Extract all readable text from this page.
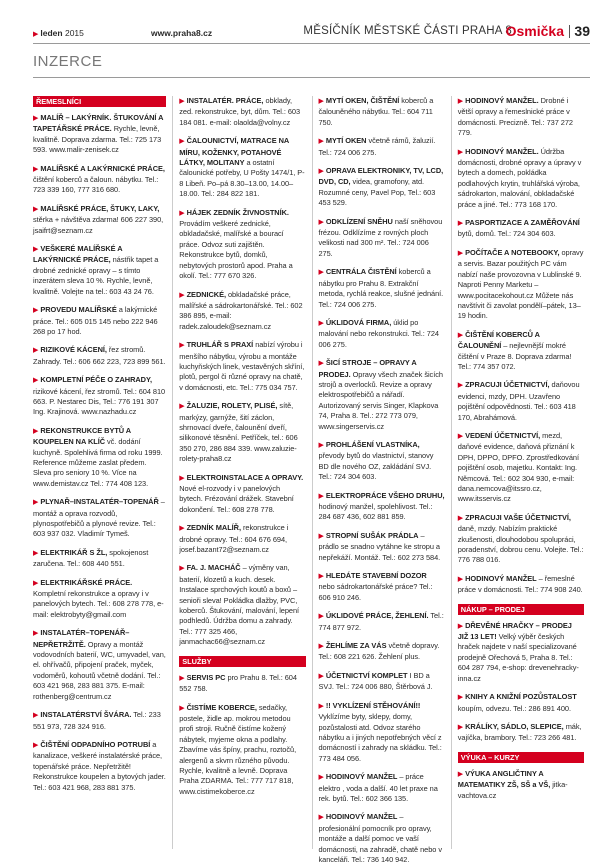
▶ leden 2015	www.praha8.cz	MĚSÍČNÍK MĚSTSKÉ ČÁSTI PRAHA 8
Osmička 39
INZERCE
ŘEMESLNÍCI
▶ MALÍŘ – LAKÝRNÍK. ŠTUKOVÁNÍ A TAPETÁŘSKÉ PRÁCE. Rychle, levně, kvalitně. Doprava zdarma. Tel.: 725 173 593. www.malir-zenisek.cz
▶ MALÍŘSKÉ A LAKÝRNICKÉ PRÁCE, čištění koberců a čaloun. nábytku. Tel.: 723 339 160, 777 316 680.
▶ MALÍŘSKÉ PRÁCE, ŠTUKY, LAKY, stěrka + návštěva zdarma! 606 227 390, jsaifrt@seznam.cz
▶ VEŠKERÉ MALÍŘSKÉ A LAKÝRNICKÉ PRÁCE, nástřik tapet a drobné zednické opravy – s tímto inzerátem sleva 10 %. Rychle, levně, kvalitně. Volejte na tel.: 603 43 24 76.
▶ PROVEDU MALÍŘSKÉ a lakýrnické práce. Tel.: 605 015 145 nebo 222 946 268 po 17 hod.
▶ RIZIKOVÉ KÁCENÍ, řez stromů. Zahrady. Tel.: 606 662 223, 723 899 561.
▶ KOMPLETNÍ PÉČE O ZAHRADY, rizikové kácení, řez stromů. Tel.: 604 810 663. P. Nestarec Dis, Tel.: 776 191 307 Ing. Krajinová. www.nazhadu.cz
▶ REKONSTRUKCE BYTŮ A KOUPELEN NA KLÍČ vč. dodání kuchyně. Spolehlivá firma od roku 1999. Reference můžeme zaslat předem. Sleva pro seniory 10 %. Více na www.demistav.cz Tel.: 774 408 123.
▶ PLYNAŘ–INSTALATÉR–TOPENÁŘ – montáž a oprava rozvodů, plynospotřebičů a plynové revize. Tel.: 603 937 032. Vladimír Tymeš.
▶ ELEKTRIKÁŘ S ŽL, spokojenost zaručena. Tel.: 608 440 551.
▶ ELEKTRIKÁŘSKÉ PRÁCE. Kompletní rekonstrukce a opravy i v panelových bytech. Tel.: 608 278 778, e-mail: elektrobyty@gmail.com
▶ INSTALATÉR–TOPENÁŘ–NEPŘETRŽITĚ. Opravy a montáž vodovodních baterií, WC, umyvadel, van, el. ohřívačů, připojení praček, myček, vodoměrů, kohoutů včetně dodání. Tel.: 603 421 968, 283 881 375. E-mail: rothenberg@centrum.cz
▶ INSTALATÉRSTVÍ ŠVÁRA. Tel.: 233 551 973, 728 324 916.
▶ ČIŠTĚNÍ ODPADNÍHO POTRUBÍ a kanalizace, veškeré instalatérské práce, topenářské práce. Nepřetržitě! Rekonstrukce koupelen a bytových jader. Tel.: 603 421 968, 283 881 375.
▶ INSTALATÉR. PRÁCE, obklady, zed. rekonstrukce, byt, dům. Tel.: 603 184 081. e-mail: olaolda@volny.cz
▶ ČALOUNICTVÍ, MATRACE NA MÍRU, KOŽENKY, POTAHOVÉ LÁTKY, MOLITANY a ostatní čalounické potřeby, U Pošty 1474/1, P-8 Libeň. Po–pá 8.30–13.00, 14.00–18.00. Tel.: 284 822 181.
▶ HÁJEK ZEDNÍK ŽIVNOSTNÍK. Provádím veškeré zednické, obkladačské, malířské a bourací práce. Odvoz suti zajištěn. Rekonstrukce bytů, domků, nebytových prostorů apod. Praha a okolí. Tel.: 777 670 326.
▶ ZEDNICKÉ, obkladačské práce, malířské a sádrokartonářské. Tel.: 602 386 895, e-mail: radek.zaloudek@seznam.cz
▶ TRUHLÁŘ S PRAXÍ nabízí výrobu i menšího nábytku, výrobu a montáže kuchyňských linek, vestavěných skříní, plotů, pergol či různé opravy na chatě, v domácnosti, etc. Tel.: 775 034 757.
▶ ŽALUZIE, ROLETY, PLISÉ, sítě, markýzy, garnýže, šití záclon, shrnovací dveře, čalounění dveří, silikonové těsnění. Petříček, tel.: 606 350 270, 286 884 339. www.zaluzie-rolety-praha8.cz
▶ ELEKTROINSTALACE A OPRAVY. Nové el-rozvody i v panelových bytech. Frézování drážek. Stavební dokončení. Tel.: 608 278 778.
▶ ZEDNÍK MALÍŘ, rekonstrukce i drobné opravy. Tel.: 604 676 694, josef.bazant72@seznam.cz
▶ FA. J. MACHÁČ – výměny van, baterií, klozetů a kuch. desek. Instalace sprchových koutů a boxů – senioři sleva! Pokládka dlažby, PVC, koberců. Štukování, malování, lepení podhledů. Údržba domu a zahrady. Tel.: 777 325 466, janmachac66@seznam.cz
SLUŽBY
▶ SERVIS PC pro Prahu 8. Tel.: 604 552 758.
▶ ČISTÍME KOBERCE, sedačky, postele, židle ap. mokrou metodou profi stroji. Ručně čistíme kožený nábytek, myjeme okna a podlahy. Zbavíme vás špíny, prachu, roztočů, alergenů a skvrn různého původu. Rychle, kvalitně a levně. Doprava Praha ZDARMA. Tel.: 777 717 818, www.cistimekoberce.cz
▶ MYTÍ OKEN, ČIŠTĚNÍ koberců a čalouněného nábytku. Tel.: 604 711 750.
▶ MYTÍ OKEN včetně rámů, žaluzií. Tel.: 724 006 275.
▶ OPRAVA ELEKTRONIKY, TV, LCD, DVD, CD, videa, gramofony, atd. Rozumné ceny, Pavel Pop, Tel.: 603 453 529.
▶ ODKLÍZENÍ SNĚHU naší sněhovou frézou. Odklízíme z rovných ploch velikosti nad 300 m². Tel.: 724 006 275.
▶ CENTRÁLA ČISTĚNÍ koberců a nábytku pro Prahu 8. Extrakční metoda, rychlá reakce, slušné jednání. Tel.: 724 006 275.
▶ ÚKLIDOVÁ FIRMA, úklid po malování nebo rekonstrukci. Tel.: 724 006 275.
▶ ŠICÍ STROJE – OPRAVY A PRODEJ. Opravy všech značek šicích strojů a overlocků. Revize a opravy elektrospotřebičů a nářadí. Autorizovaný servis Singer, Klapkova 74, Praha 8. Tel.: 272 773 079, www.singerservis.cz
▶ PROHLÁŠENÍ VLASTNÍKA, převody bytů do vlastnictví, stanovy BD dle nového OZ, zakládání SVJ. Tel.: 724 304 603.
▶ ELEKTROPRÁCE VŠEHO DRUHU, hodinový manžel, spolehlivost. Tel.: 284 687 436, 602 881 859.
▶ STROPNÍ SUŠÁK PRÁDLA – prádlo se snadno vytáhne ke stropu a nepřekáží. Montáž. Tel.: 602 273 584.
▶ HLEDÁTE STAVEBNÍ DOZOR nebo sádrokartonářské práce? Tel.: 606 910 246.
▶ ÚKLIDOVÉ PRÁCE, ŽEHLENÍ. Tel.: 774 877 972.
▶ ŽEHLÍME ZA VÁS včetně dopravy. Tel.: 608 221 626. Žehlení plus.
▶ ÚČETNICTVÍ KOMPLET I BD a SVJ. Tel.: 724 006 880, Štěrbová J.
▶ !! VYKLÍZENÍ STĚHOVÁNÍ!! Vyklízíme byty, sklepy, domy, pozůstalosti atd. Odvoz starého nábytku a i jiných nepotřebných věcí z domácností i zahrady na skládku. Tel.: 773 484 056.
▶ HODINOVÝ MANŽEL – práce elektro , voda a další. 40 let praxe na rek. bytů. Tel.: 602 366 135.
▶ HODINOVÝ MANŽEL – profesionální pomocník pro opravy, montáže a další pomoc ve vaší domácnosti, na zahradě, chatě nebo v kanceláři. Tel.: 736 140 942.
▶ HODINOVÝ MANŽEL. Drobné i větší opravy a řemeslnické práce v domácnosti. Precizně. Tel.: 737 272 779.
▶ HODINOVÝ MANŽEL. Údržba domácnosti, drobné opravy a úpravy v bytech a domech, pokládka podlahových krytin, truhlářská výroba, sádrokarton, malování, obkladačské práce a jiné. Tel.: 773 168 170.
▶ PASPORTIZACE A ZAMĚŘOVÁNÍ bytů, domů. Tel.: 724 304 603.
▶ POČÍTAČE A NOTEBOOKY, opravy a servis. Bazar použitých PC vám nabízí naše provozovna v Lublinské 9. Naproti Penny Marketu – www.pocitacekohout.cz Můžete nás navštívit či zavolat pondělí–pátek, 13–19 hodin.
▶ ČIŠTĚNÍ KOBERCŮ A ČALOUNĚNÍ – nejlevnější mokré čištění v Praze 8. Doprava zdarma! Tel.: 774 357 072.
▶ ZPRACUJI ÚČETNICTVÍ, daňovou evidenci, mzdy, DPH. Uzavřeno pojištění odpovědnosti. Tel.: 603 418 170, Abrahámová.
▶ VEDENÍ ÚČETNICTVÍ, mezd, daňové evidence, daňová přiznání k DPH, DPPO, DPFO. Zprostředkování pojištění osob, majetku. Kontakt: Ing. Němcová. Tel.: 602 304 930, e-mail: dana.nemcova@itssro.cz, www.itsservis.cz
▶ ZPRACUJI VAŠE ÚČETNICTVÍ, daně, mzdy. Nabízím praktické zkušenosti, dlouhodobou spolupráci, poradenství, dobrou cenu. Volejte. Tel.: 776 788 016.
▶ HODINOVÝ MANŽEL – řemeslné práce v domácnosti. Tel.: 774 908 240.
NÁKUP – PRODEJ
▶ DŘEVĚNÉ HRAČKY – PRODEJ JIŽ 13 LET! Velký výběr českých hraček najdete v naší specializované prodejně Ořechová 5, Praha 8. Tel.: 604 287 794, e-shop: drevenehracky-inna.cz
▶ KNIHY A KNIŽNÍ POZŮSTALOST koupím, odvezu. Tel.: 286 891 400.
▶ KRÁLÍKY, SÁDLO, SLEPICE, mák, vajíčka, brambory. Tel.: 723 266 481.
VÝUKA – KURZY
▶ VÝUKA ANGLIČTINY A MATEMATIKY ZŠ, SŠ a VŠ, jitka-vachtova.cz
